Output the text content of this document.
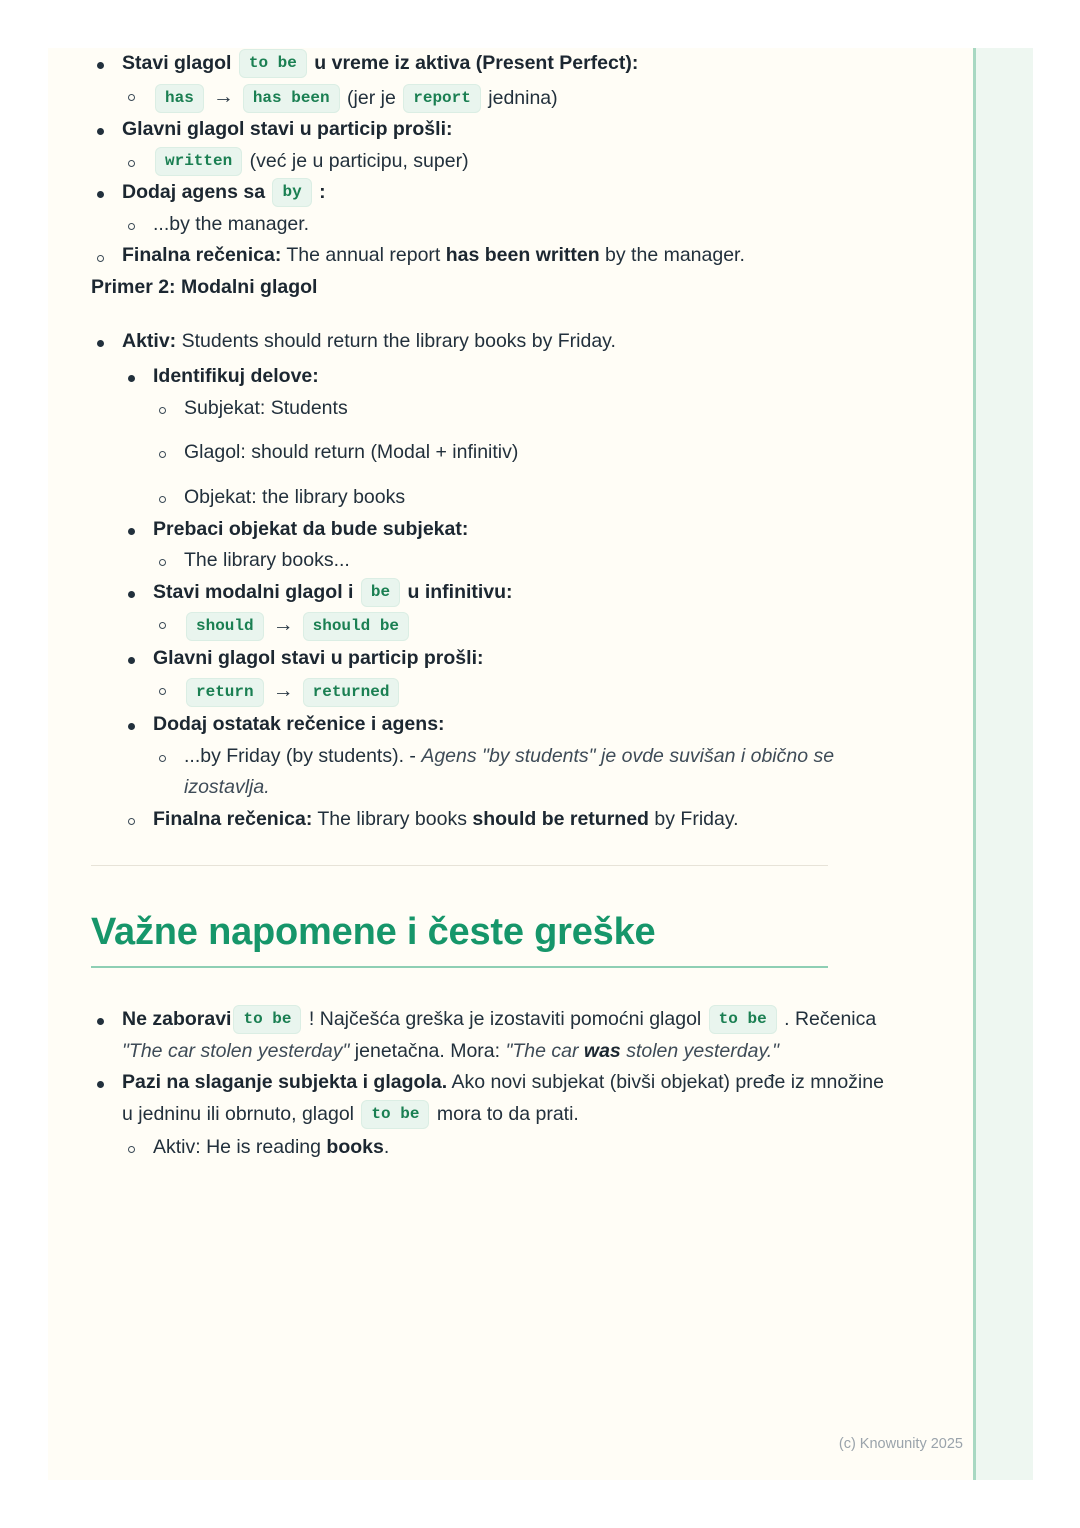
Stavi glagol to be u vreme iz aktiva (Present Perfect):
has → has been (jer je report jednina)
Glavni glagol stavi u particip prošli:
written (već je u participu, super)
Dodaj agens sa by :
...by the manager.
Finalna rečenica: The annual report has been written by the manager.

Primer 2: Modalni glagol

Aktiv: Students should return the library books by Friday.
Identifikuj delove:
Subjekat: Students
Glagol: should return (Modal + infinitiv)
Objekat: the library books
Prebaci objekat da bude subjekat:
The library books...
Stavi modalni glagol i be u infinitivu:
should → should be
Glavni glagol stavi u particip prošli:
return → returned
Dodaj ostatak rečenice i agens:
...by Friday (by students). - Agens "by students" je ovde suvišan i obično se izostavlja.
Finalna rečenica: The library books should be returned by Friday.
Važne napomene i česte greške
Ne zaboravi to be ! Najčešća greška je izostaviti pomoćni glagol to be . Rečenica "The car stolen yesterday" jenetačna. Mora: "The car was stolen yesterday."
Pazi na slaganje subjekta i glagola. Ako novi subjekat (bivši objekat) pređe iz množine u jedninu ili obrnuto, glagol to be mora to da prati.
Aktiv: He is reading books.
(c) Knowunity 2025
